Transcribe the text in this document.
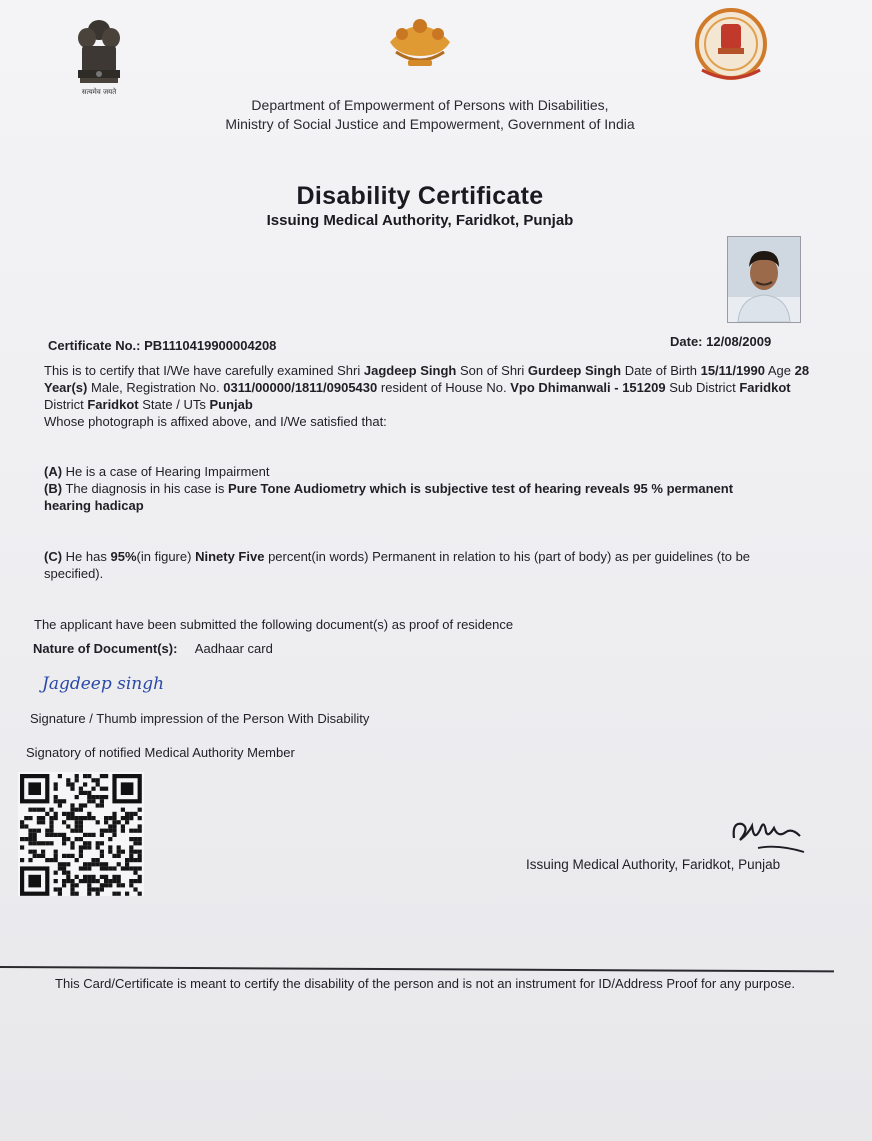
सत्यमेव जयते
Department of Empowerment of Persons with Disabilities,
Ministry of Social Justice and Empowerment, Government of India
Disability Certificate
Issuing Medical Authority, Faridkot, Punjab
Certificate No.: PB1110419900004208	Date: 12/08/2009
This is to certify that I/We have carefully examined Shri Jagdeep Singh Son of Shri Gurdeep Singh Date of Birth 15/11/1990 Age 28 Year(s) Male, Registration No. 0311/00000/1811/0905430 resident of House No. Vpo Dhimanwali - 151209 Sub District Faridkot District Faridkot State / UTs Punjab
Whose photograph is affixed above, and I/We satisfied that:
(A) He is a case of Hearing Impairment
(B) The diagnosis in his case is Pure Tone Audiometry which is subjective test of hearing reveals 95 % permanent hearing hadicap
(C) He has 95%(in figure) Ninety Five percent(in words) Permanent in relation to his (part of body) as per guidelines (to be specified).
The applicant have been submitted the following document(s) as proof of residence
Nature of Document(s): Aadhaar card
Jagdeep singh
Signature / Thumb impression of the Person With Disability
Signatory of notified Medical Authority Member
Issuing Medical Authority, Faridkot, Punjab
This Card/Certificate is meant to certify the disability of the person and is not an instrument for ID/Address Proof for any purpose.
